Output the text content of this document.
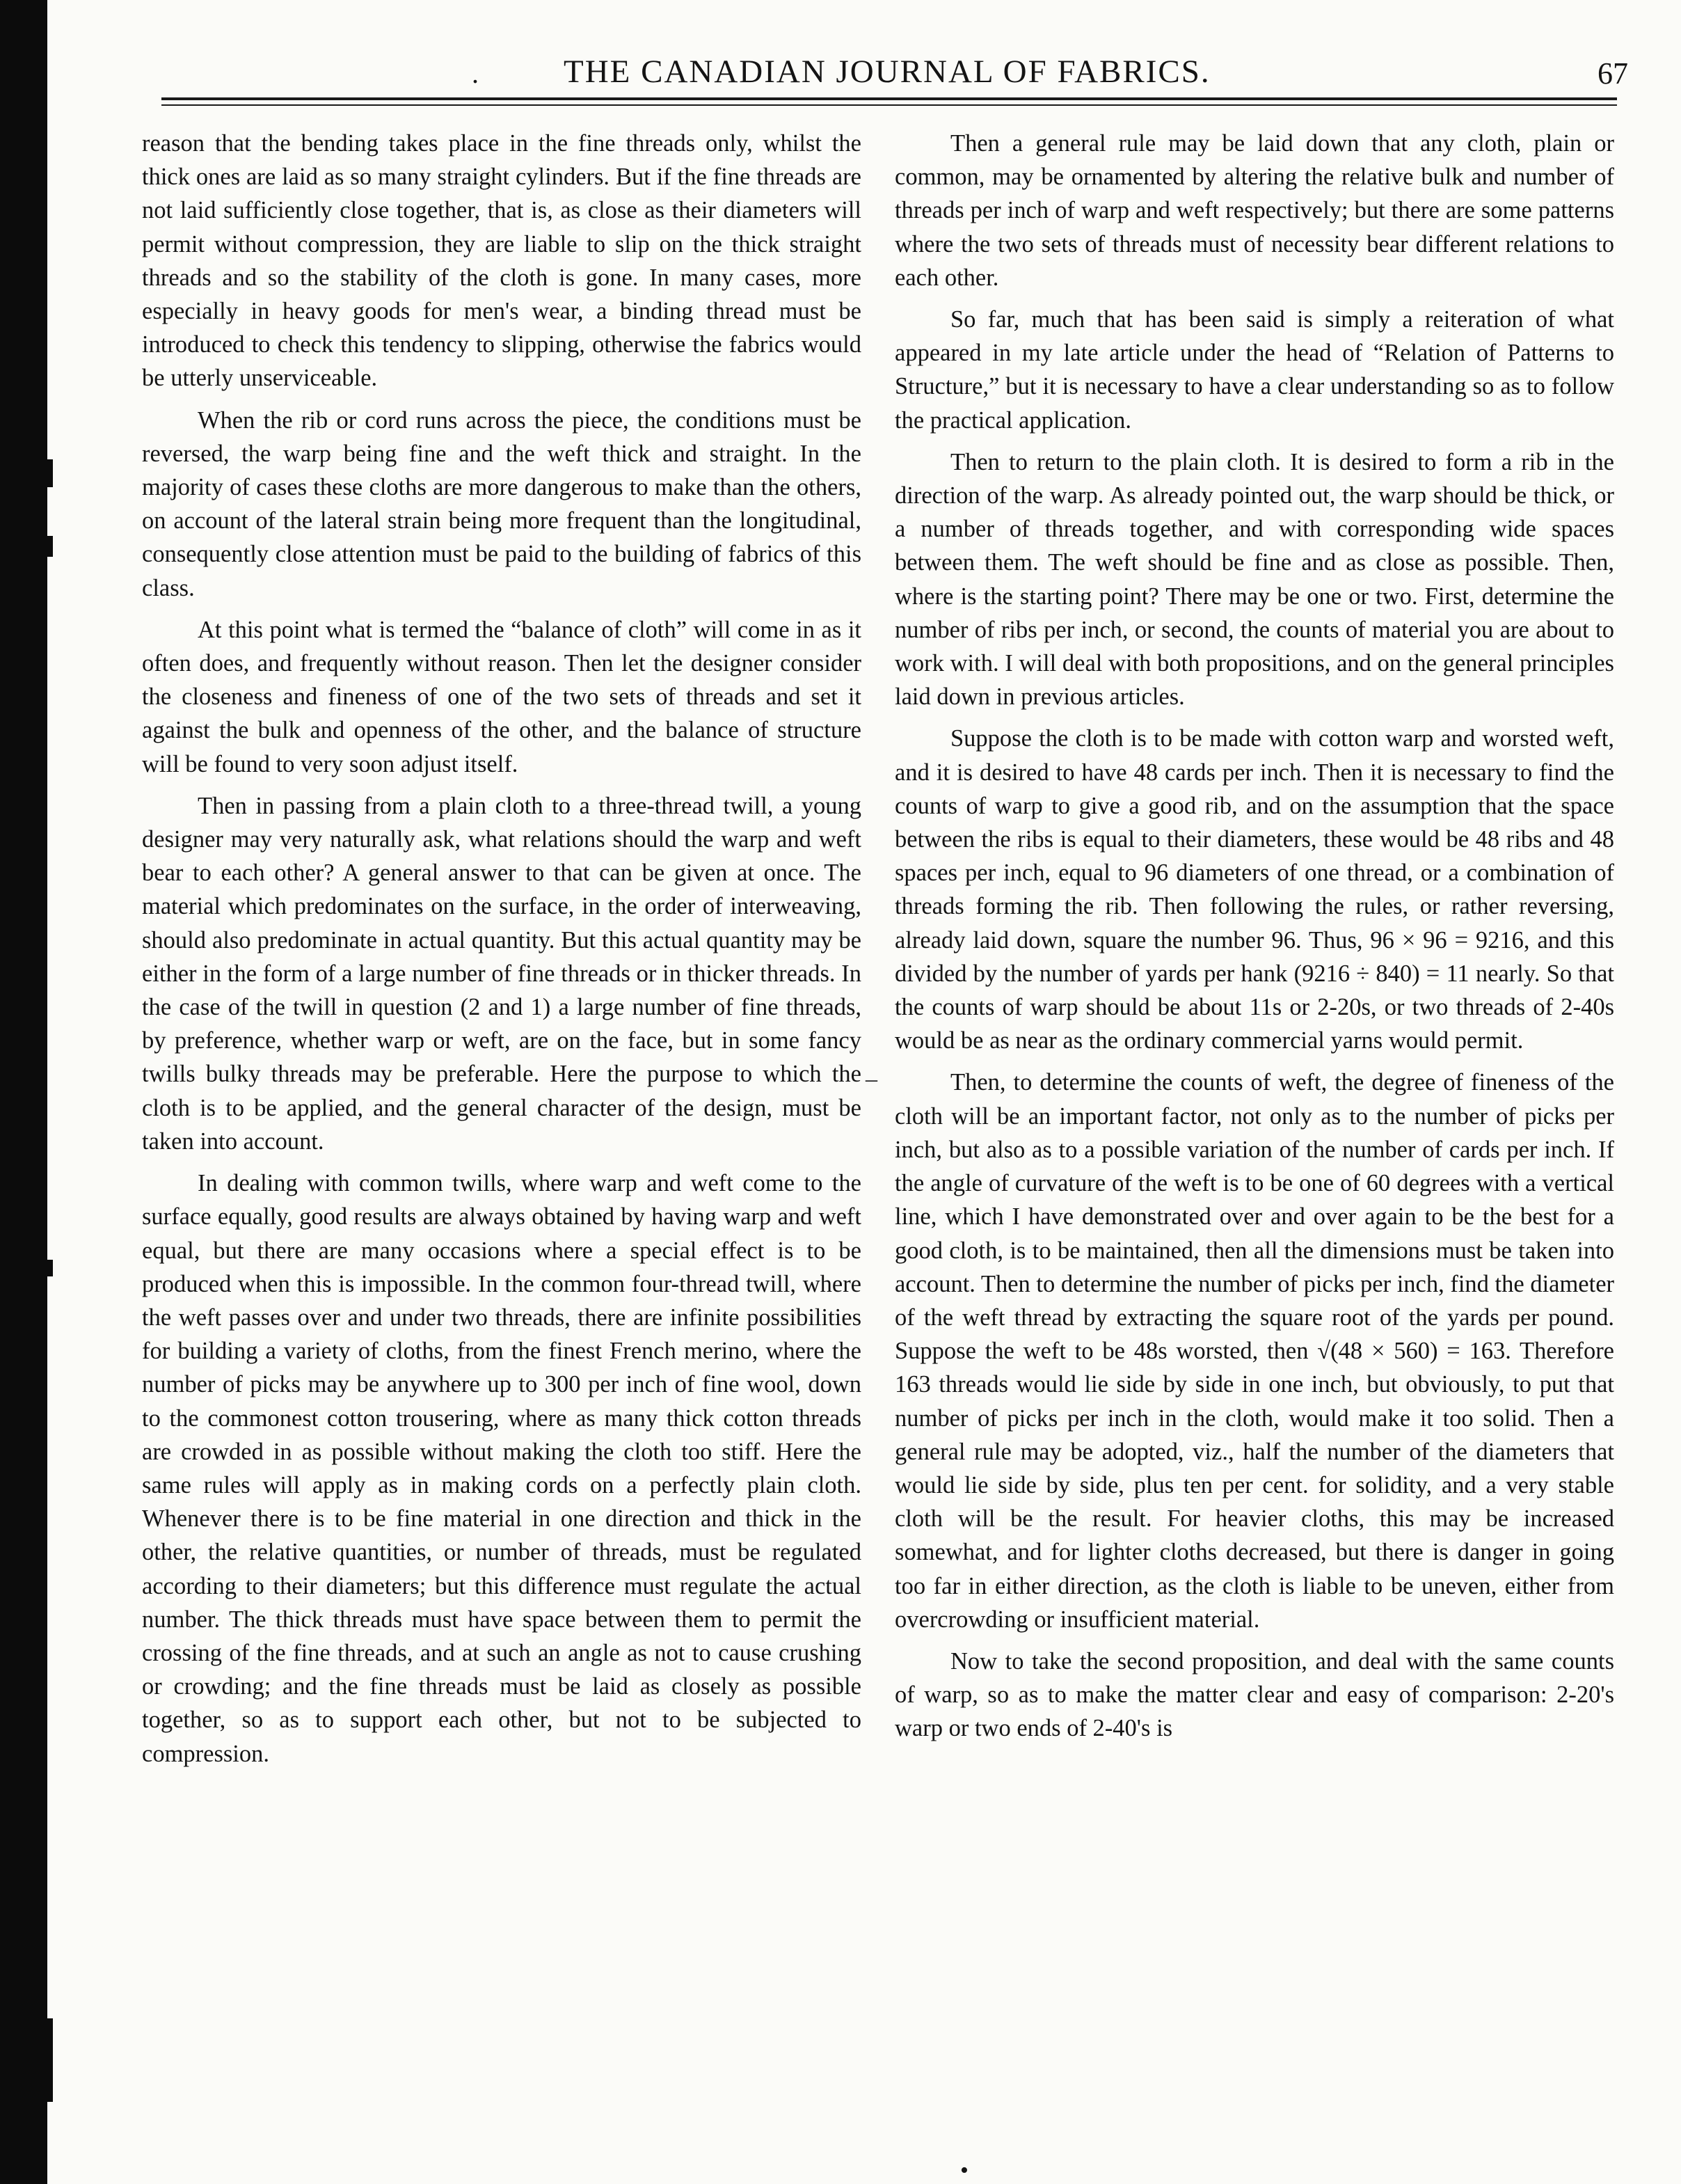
.	THE CANADIAN JOURNAL OF FABRICS.	67

reason that the bending takes place in the fine threads only, whilst the thick ones are laid as so many straight cylinders. But if the fine threads are not laid sufficiently close together, that is, as close as their diameters will permit without compression, they are liable to slip on the thick straight threads and so the stability of the cloth is gone. In many cases, more especially in heavy goods for men's wear, a binding thread must be introduced to check this tendency to slipping, otherwise the fabrics would be utterly unserviceable.

When the rib or cord runs across the piece, the conditions must be reversed, the warp being fine and the weft thick and straight. In the majority of cases these cloths are more dangerous to make than the others, on account of the lateral strain being more frequent than the longitudinal, consequently close attention must be paid to the building of fabrics of this class.

At this point what is termed the “balance of cloth” will come in as it often does, and frequently without reason. Then let the designer consider the closeness and fineness of one of the two sets of threads and set it against the bulk and openness of the other, and the balance of structure will be found to very soon adjust itself.

Then in passing from a plain cloth to a three-thread twill, a young designer may very naturally ask, what relations should the warp and weft bear to each other? A general answer to that can be given at once. The material which predominates on the surface, in the order of interweaving, should also predominate in actual quantity. But this actual quantity may be either in the form of a large number of fine threads or in thicker threads. In the case of the twill in question (2 and 1) a large number of fine threads, by preference, whether warp or weft, are on the face, but in some fancy twills bulky threads may be preferable. Here the purpose to which the cloth is to be applied, and the general character of the design, must be taken into account.

In dealing with common twills, where warp and weft come to the surface equally, good results are always obtained by having warp and weft equal, but there are many occasions where a special effect is to be produced when this is impossible. In the common four-thread twill, where the weft passes over and under two threads, there are infinite possibilities for building a variety of cloths, from the finest French merino, where the number of picks may be anywhere up to 300 per inch of fine wool, down to the commonest cotton trousering, where as many thick cotton threads are crowded in as possible without making the cloth too stiff. Here the same rules will apply as in making cords on a perfectly plain cloth. Whenever there is to be fine material in one direction and thick in the other, the relative quantities, or number of threads, must be regulated according to their diameters; but this difference must regulate the actual number. The thick threads must have space between them to permit the crossing of the fine threads, and at such an angle as not to cause crushing or crowding; and the fine threads must be laid as closely as possible together, so as to support each other, but not to be subjected to compression.

Then a general rule may be laid down that any cloth, plain or common, may be ornamented by altering the relative bulk and number of threads per inch of warp and weft respectively; but there are some patterns where the two sets of threads must of necessity bear different relations to each other.

So far, much that has been said is simply a reiteration of what appeared in my late article under the head of “Relation of Patterns to Structure,” but it is necessary to have a clear understanding so as to follow the practical application.

Then to return to the plain cloth. It is desired to form a rib in the direction of the warp. As already pointed out, the warp should be thick, or a number of threads together, and with corresponding wide spaces between them. The weft should be fine and as close as possible. Then, where is the starting point? There may be one or two. First, determine the number of ribs per inch, or second, the counts of material you are about to work with. I will deal with both propositions, and on the general principles laid down in previous articles.

Suppose the cloth is to be made with cotton warp and worsted weft, and it is desired to have 48 cards per inch. Then it is necessary to find the counts of warp to give a good rib, and on the assumption that the space between the ribs is equal to their diameters, these would be 48 ribs and 48 spaces per inch, equal to 96 diameters of one thread, or a combination of threads forming the rib. Then following the rules, or rather reversing, already laid down, square the number 96. Thus, 96 × 96 = 9216, and this divided by the number of yards per hank (9216 ÷ 840) = 11 nearly. So that the counts of warp should be about 11s or 2-20s, or two threads of 2-40s would be as near as the ordinary commercial yarns would permit.

Then, to determine the counts of weft, the degree of fineness of the cloth will be an important factor, not only as to the number of picks per inch, but also as to a possible variation of the number of cards per inch. If the angle of curvature of the weft is to be one of 60 degrees with a vertical line, which I have demonstrated over and over again to be the best for a good cloth, is to be maintained, then all the dimensions must be taken into account. Then to determine the number of picks per inch, find the diameter of the weft thread by extracting the square root of the yards per pound. Suppose the weft to be 48s worsted, then √(48 × 560) = 163. Therefore 163 threads would lie side by side in one inch, but obviously, to put that number of picks per inch in the cloth, would make it too solid. Then a general rule may be adopted, viz., half the number of the diameters that would lie side by side, plus ten per cent. for solidity, and a very stable cloth will be the result. For heavier cloths, this may be increased somewhat, and for lighter cloths decreased, but there is danger in going too far in either direction, as the cloth is liable to be uneven, either from overcrowding or insufficient material.

Now to take the second proposition, and deal with the same counts of warp, so as to make the matter clear and easy of comparison: 2-20's warp or two ends of 2-40's is

–
•
